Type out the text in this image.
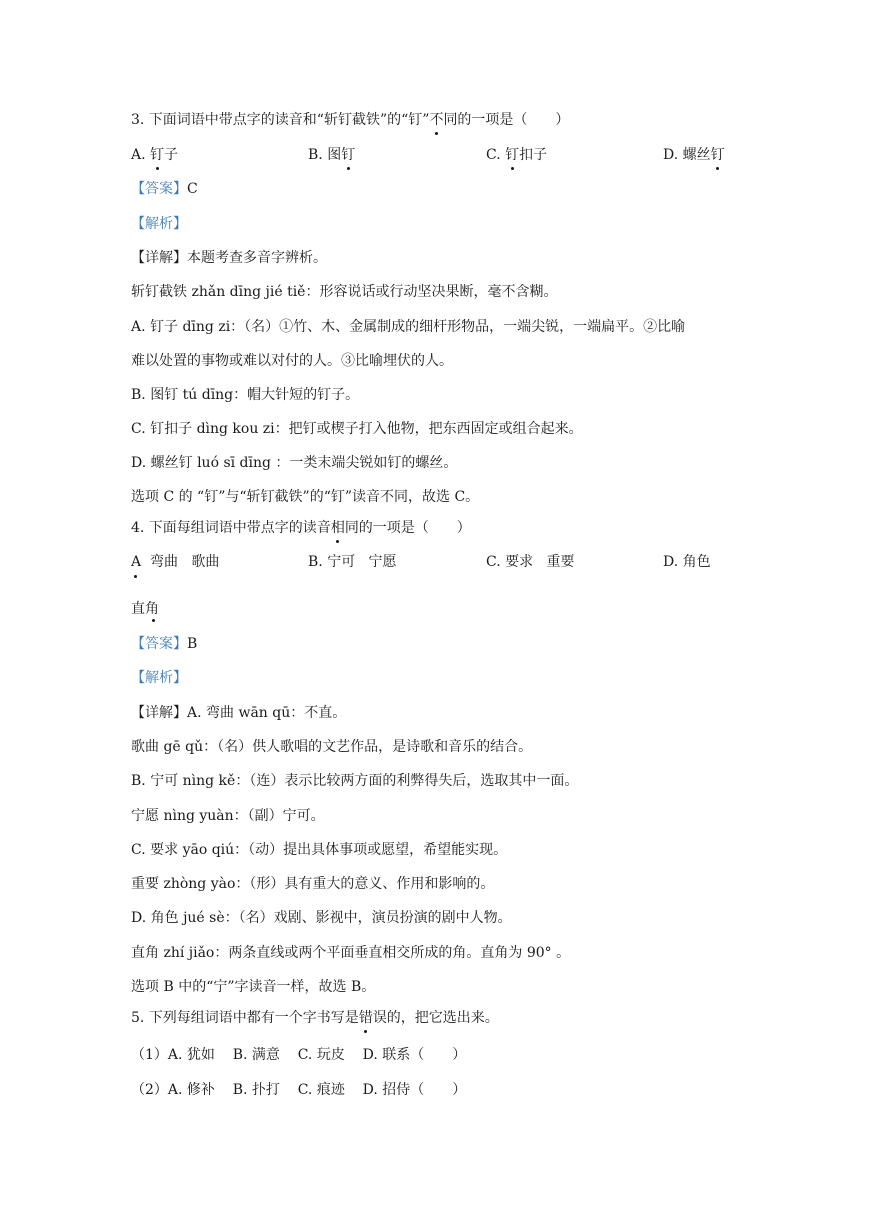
3. 下面词语中带点字的读音和“斩钉截铁”的“钉”不同的一项是（　　）
A. 钉子	B. 图钉	C. 钉扣子	D. 螺丝钉
【答案】C
【解析】
【详解】本题考查多音字辨析。
斩钉截铁 zhǎn dīng jié tiě：形容说话或行动坚决果断，毫不含糊。
A. 钉子 dīng zi：（名）①竹、木、金属制成的细杆形物品，一端尖锐，一端扁平。②比喻
难以处置的事物或难以对付的人。③比喻埋伏的人。
B. 图钉 tú dīng：帽大针短的钉子。
C. 钉扣子 dìng kou zi：把钉或楔子打入他物，把东西固定或组合起来。
D. 螺丝钉 luó sī dīng ：一类末端尖锐如钉的螺丝。
选项 C 的 “钉”与“斩钉截铁”的“钉”读音不同，故选 C。
4. 下面每组词语中带点字的读音相同的一项是（　　）
A  弯曲   歌曲	B. 宁可   宁愿	C. 要求   重要	D. 角色
直角
【答案】B
【解析】
【详解】A. 弯曲 wān qū：不直。
歌曲 gē qǔ：（名）供人歌唱的文艺作品，是诗歌和音乐的结合。
B. 宁可 nìng kě：（连）表示比较两方面的利弊得失后，选取其中一面。
宁愿 nìng yuàn：（副）宁可。
C. 要求 yāo qiú：（动）提出具体事项或愿望，希望能实现。
重要 zhòng yào：（形）具有重大的意义、作用和影响的。
D. 角色 jué sè：（名）戏剧、影视中，演员扮演的剧中人物。
直角 zhí jiǎo：两条直线或两个平面垂直相交所成的角。直角为 90° 。
选项 B 中的“宁”字读音一样，故选 B。
5. 下列每组词语中都有一个字书写是错误的，把它选出来。
（1）A. 犹如    B. 满意    C. 玩皮    D. 联系（　　）
（2）A. 修补    B. 扑打    C. 痕迹    D. 招侍（　　）
